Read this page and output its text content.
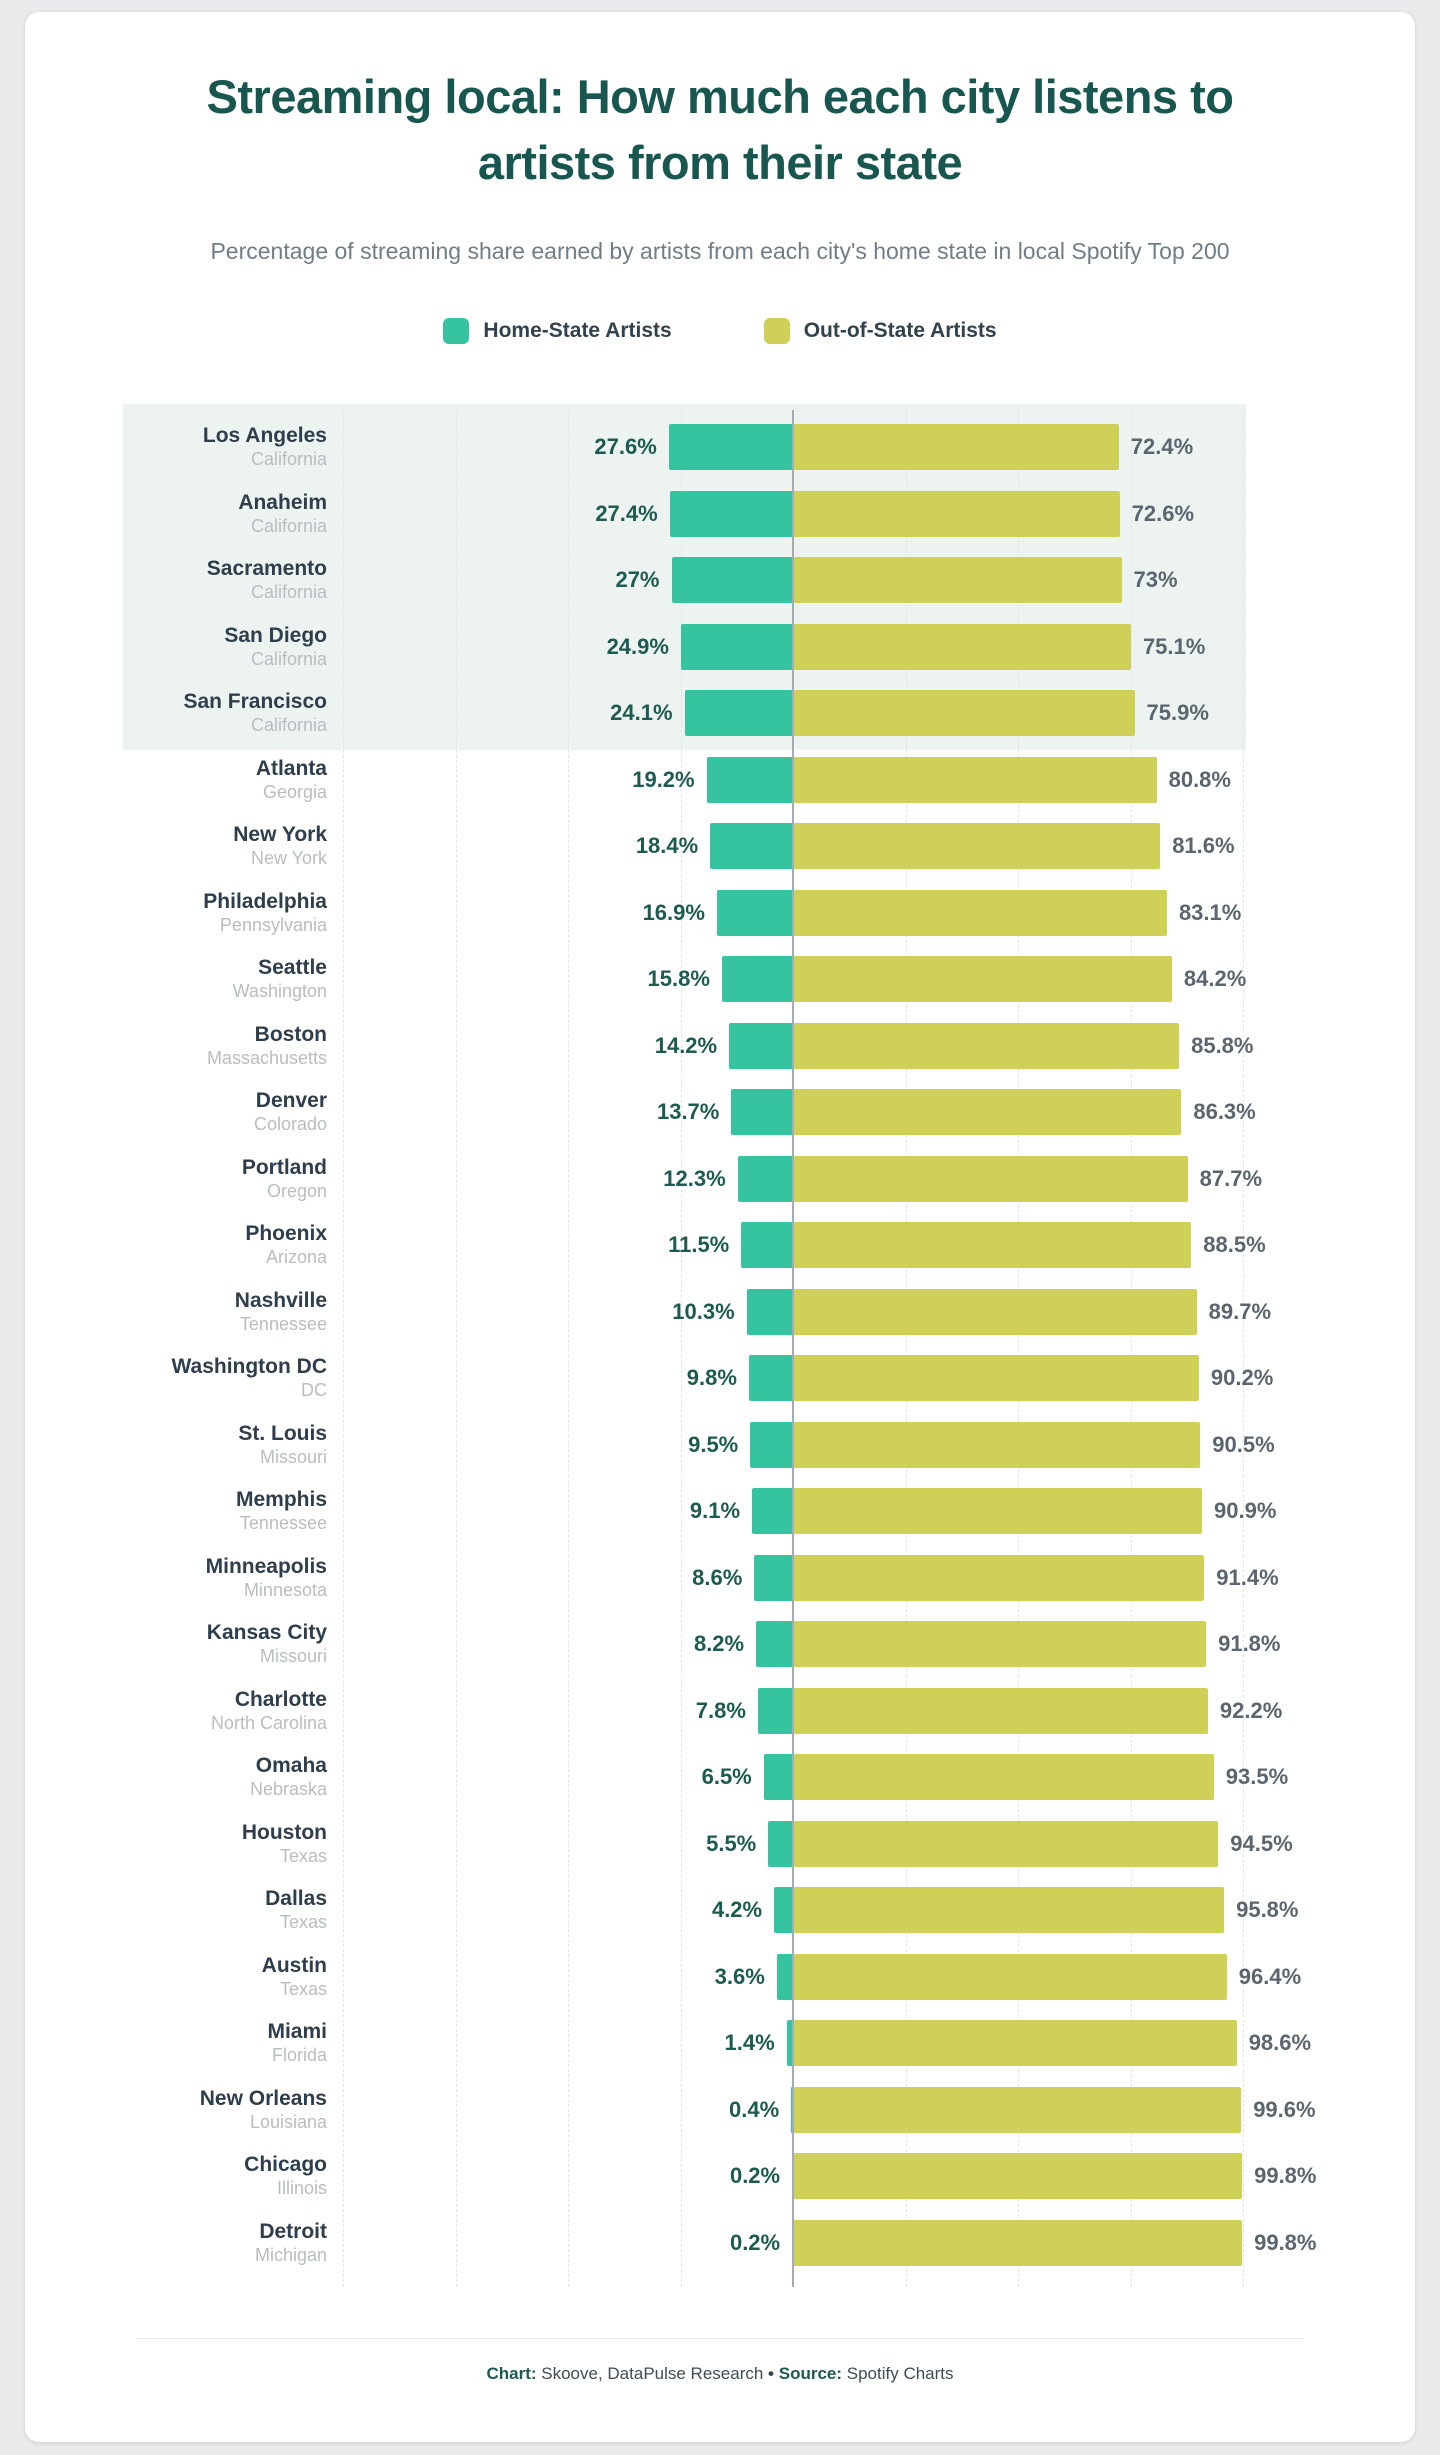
Streaming local: How much each city listens to artists from their state

Percentage of streaming share earned by artists from each city's home state in local Spotify Top 200

Home-State Artists	Out-of-State Artists
Los Angeles
California	27.6%	72.4%
Anaheim
California	27.4%	72.6%
Sacramento
California	27%	73%
San Diego
California	24.9%	75.1%
San Francisco
California	24.1%	75.9%
Atlanta
Georgia	19.2%	80.8%
New York
New York	18.4%	81.6%
Philadelphia
Pennsylvania	16.9%	83.1%
Seattle
Washington	15.8%	84.2%
Boston
Massachusetts	14.2%	85.8%
Denver
Colorado	13.7%	86.3%
Portland
Oregon	12.3%	87.7%
Phoenix
Arizona	11.5%	88.5%
Nashville
Tennessee	10.3%	89.7%
Washington DC
DC	9.8%	90.2%
St. Louis
Missouri	9.5%	90.5%
Memphis
Tennessee	9.1%	90.9%
Minneapolis
Minnesota	8.6%	91.4%
Kansas City
Missouri	8.2%	91.8%
Charlotte
North Carolina	7.8%	92.2%
Omaha
Nebraska	6.5%	93.5%
Houston
Texas	5.5%	94.5%
Dallas
Texas	4.2%	95.8%
Austin
Texas	3.6%	96.4%
Miami
Florida	1.4%	98.6%
New Orleans
Louisiana	0.4%	99.6%
Chicago
Illinois	0.2%	99.8%
Detroit
Michigan	0.2%	99.8%

Chart: Skoove, DataPulse Research • Source: Spotify Charts
